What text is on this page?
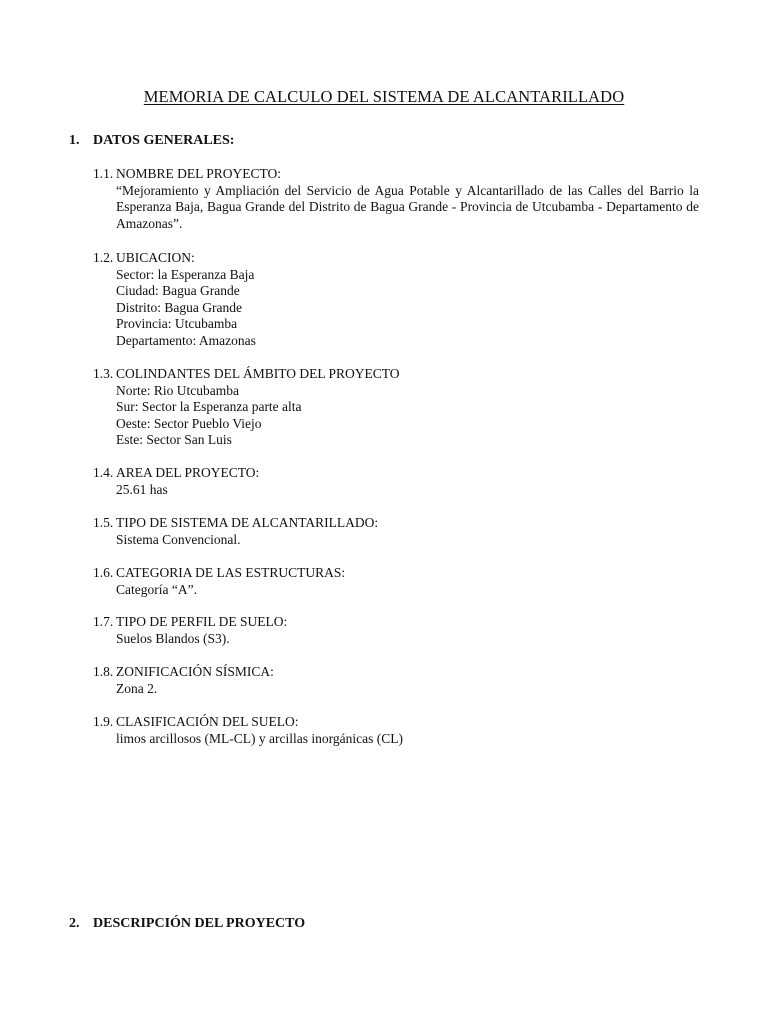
MEMORIA DE CALCULO DEL SISTEMA DE ALCANTARILLADO
1. DATOS GENERALES:
1.1. NOMBRE DEL PROYECTO:
“Mejoramiento y Ampliación del Servicio de Agua Potable y Alcantarillado de las Calles del Barrio la Esperanza Baja, Bagua Grande del Distrito de Bagua Grande - Provincia de Utcubamba - Departamento de Amazonas”.
1.2. UBICACION:
Sector: la Esperanza Baja
Ciudad: Bagua Grande
Distrito: Bagua Grande
Provincia: Utcubamba
Departamento: Amazonas
1.3. COLINDANTES DEL ÁMBITO DEL PROYECTO
Norte: Rio Utcubamba
Sur: Sector la Esperanza parte alta
Oeste: Sector Pueblo Viejo
Este: Sector San Luis
1.4. AREA DEL PROYECTO:
25.61 has
1.5. TIPO DE SISTEMA DE ALCANTARILLADO:
Sistema Convencional.
1.6. CATEGORIA DE LAS ESTRUCTURAS:
Categoría “A”.
1.7. TIPO DE PERFIL DE SUELO:
Suelos Blandos (S3).
1.8. ZONIFICACIÓN SÍSMICA:
Zona 2.
1.9. CLASIFICACIÓN DEL SUELO:
limos arcillosos (ML-CL) y arcillas inorgánicas (CL)
2. DESCRIPCIÓN DEL PROYECTO
